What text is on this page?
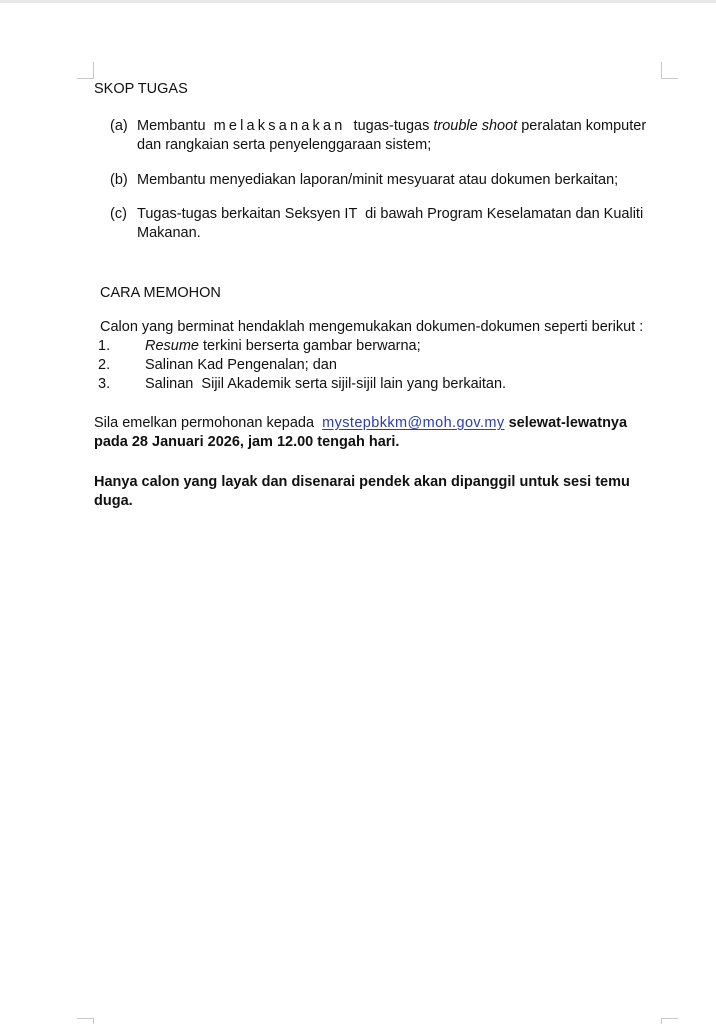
SKOP TUGAS
(a) Membantu melaksanakan tugas-tugas trouble shoot peralatan komputer
dan rangkaian serta penyelenggaraan sistem;
(b) Membantu menyediakan laporan/minit mesyuarat atau dokumen berkaitan;
(c) Tugas-tugas berkaitan Seksyen IT  di bawah Program Keselamatan dan Kualiti
Makanan.
CARA MEMOHON
Calon yang berminat hendaklah mengemukakan dokumen-dokumen seperti berikut :
1. Resume terkini berserta gambar berwarna;
2. Salinan Kad Pengenalan; dan
3. Salinan  Sijil Akademik serta sijil-sijil lain yang berkaitan.
Sila emelkan permohonan kepada mystepbkkm@moh.gov.my selewat-lewatnya
pada 28 Januari 2026, jam 12.00 tengah hari.
Hanya calon yang layak dan disenarai pendek akan dipanggil untuk sesi temu
duga.
